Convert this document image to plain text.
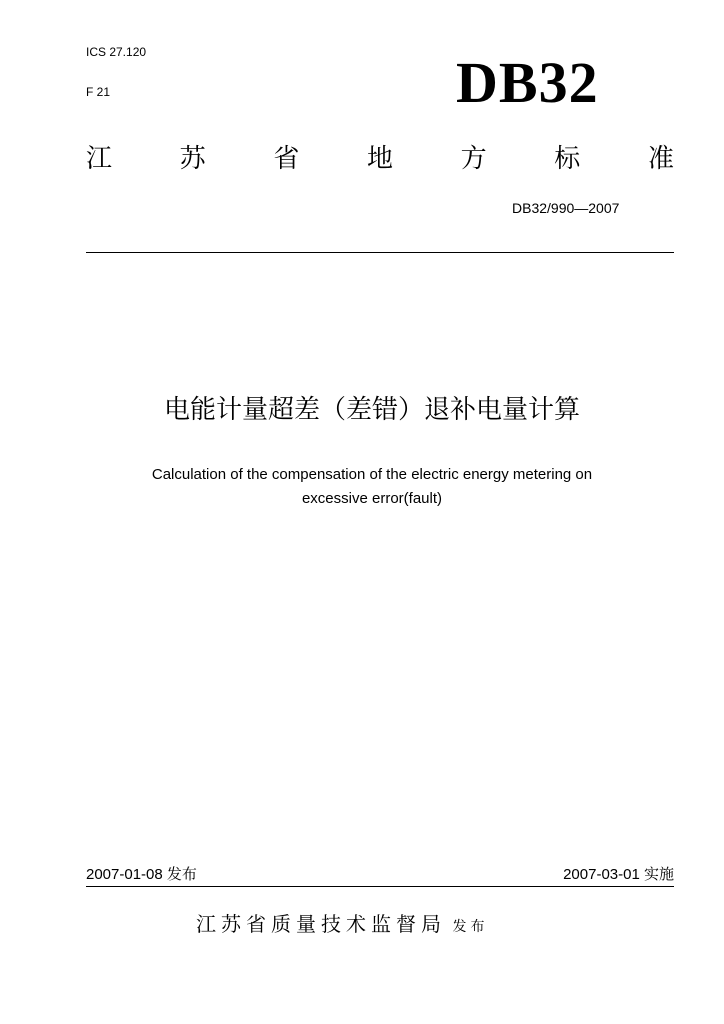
ICS 27.120
F 21	DB32
江	苏	省	地	方	标	准
DB32/990—2007
电能计量超差（差错）退补电量计算
Calculation of the compensation of the electric energy metering on
excessive error(fault)
2007-01-08 发布	2007-03-01 实施
江苏省质量技术监督局 发布
